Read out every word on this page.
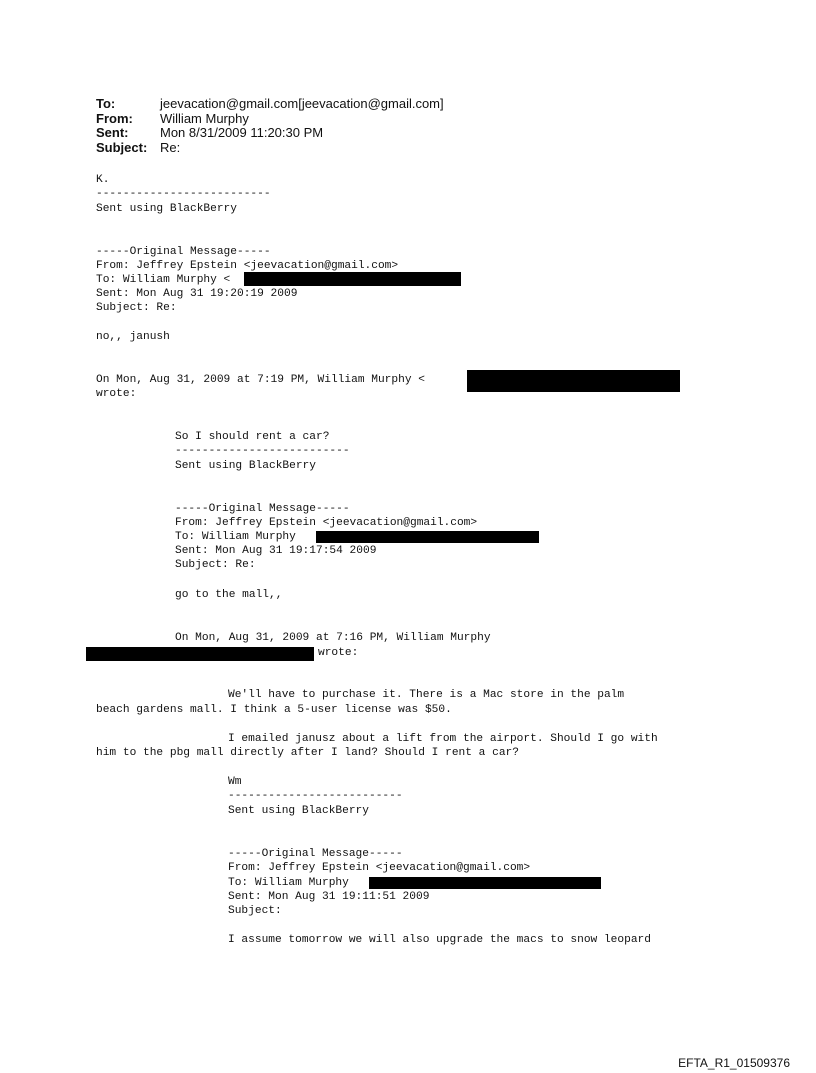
To:	jeevacation@gmail.com[jeevacation@gmail.com]
From:	William Murphy
Sent:	Mon 8/31/2009 11:20:30 PM
Subject: Re:
K.
--------------------------
Sent using BlackBerry
-----Original Message-----
From: Jeffrey Epstein <jeevacation@gmail.com>
To: William Murphy <
Sent: Mon Aug 31 19:20:19 2009
Subject: Re:
no,, janush
On Mon, Aug 31, 2009 at 7:19 PM, William Murphy <
wrote:
So I should rent a car?
--------------------------
Sent using BlackBerry
-----Original Message-----
From: Jeffrey Epstein <jeevacation@gmail.com>
To: William Murphy
Sent: Mon Aug 31 19:17:54 2009
Subject: Re:
go to the mall,,
On Mon, Aug 31, 2009 at 7:16 PM, William Murphy
wrote:
We'll have to purchase it. There is a Mac store in the palm
beach gardens mall. I think a 5-user license was $50.
I emailed janusz about a lift from the airport. Should I go with
him to the pbg mall directly after I land? Should I rent a car?
Wm
--------------------------
Sent using BlackBerry
-----Original Message-----
From: Jeffrey Epstein <jeevacation@gmail.com>
To: William Murphy
Sent: Mon Aug 31 19:11:51 2009
Subject:
I assume tomorrow we will also upgrade the macs to snow leopard
EFTA_R1_01509376
